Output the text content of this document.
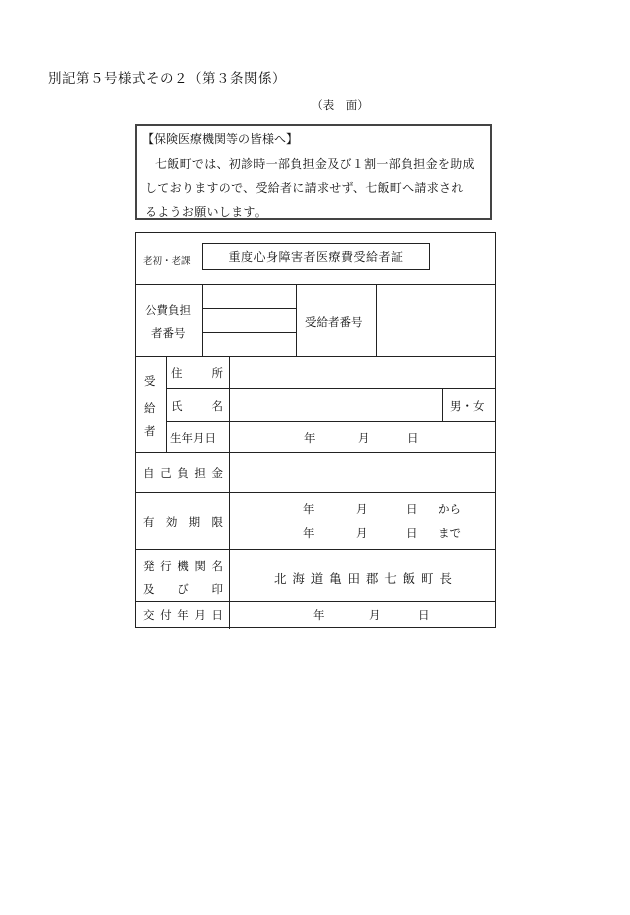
別記第５号様式その２（第３条関係）
（表　面）
【保険医療機関等の皆様へ】
七飯町では、初診時一部負担金及び１割一部負担金を助成
しておりますので、受給者に請求せず、七飯町へ請求され
るようお願いします。
老初・老課	重度心身障害者医療費受給者証
公費負担
者番号
受給者番号
受
給
者
住	所
氏	名	男・女
生年月日	年	月	日
自 己 負 担 金
有 効 期 限
年	月	日 から
年	月	日 まで
発 行 機 関 名
及 び 印
北 海 道 亀 田 郡 七 飯 町 長
交 付 年 月 日	年	月	日
